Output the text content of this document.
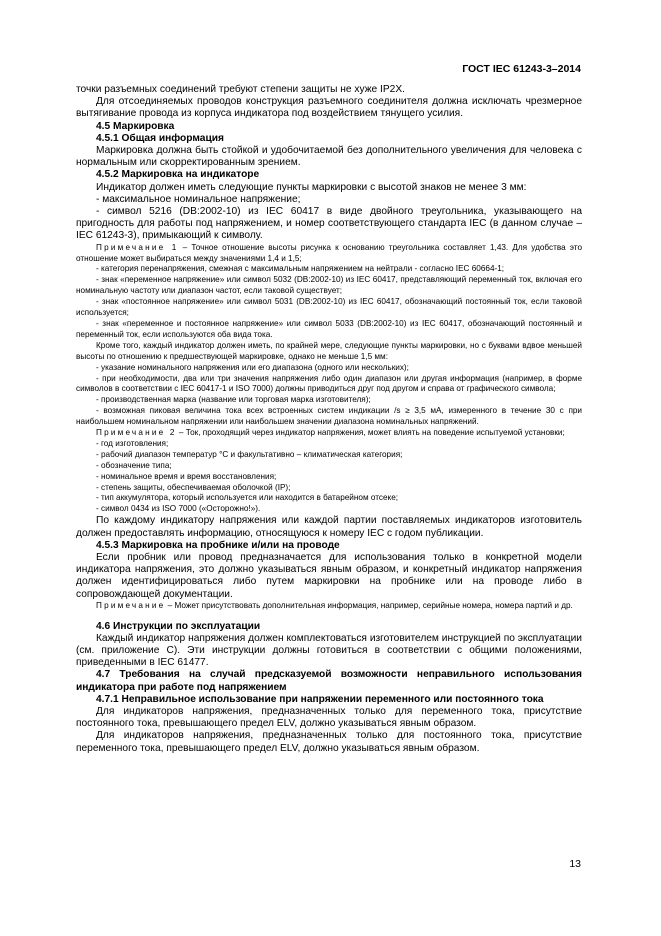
ГОСТ IEC 61243-3–2014

точки разъемных соединений требуют степени защиты не хуже IP2X.

Для отсоединяемых проводов конструкция разъемного соединителя должна исключать чрезмерное вытягивание провода из корпуса индикатора под воздействием тянущего усилия.

4.5 Маркировка

4.5.1 Общая информация

Маркировка должна быть стойкой и удобочитаемой без дополнительного увеличения для человека с нормальным или скорректированным зрением.

4.5.2 Маркировка на индикаторе

Индикатор должен иметь следующие пункты маркировки с высотой знаков не менее 3 мм:

- максимальное номинальное напряжение;

- символ 5216 (DB:2002-10) из IEC 60417 в виде двойного треугольника, указывающего на пригодность для работы под напряжением, и номер соответствующего стандарта IEC (в данном случае – IEC 61243-3), примыкающий к символу.

Примечание 1 – Точное отношение высоты рисунка к основанию треугольника составляет 1,43. Для удобства это отношение может выбираться между значениями 1,4 и 1,5;

- категория перенапряжения, смежная с максимальным напряжением на нейтрали - согласно IEC 60664-1;

- знак «переменное напряжение» или символ 5032 (DB:2002-10) из IEC 60417, представляющий переменный ток, включая его номинальную частоту или диапазон частот, если таковой существует;

- знак «постоянное напряжение» или символ 5031 (DB:2002-10) из IEC 60417, обозначающий постоянный ток, если таковой используется;

- знак «переменное и постоянное напряжение» или символ 5033 (DB:2002-10) из IEC 60417, обозначающий постоянный и переменный ток, если используются оба вида тока.

Кроме того, каждый индикатор должен иметь, по крайней мере, следующие пункты маркировки, но с буквами вдвое меньшей высоты по отношению к предшествующей маркировке, однако не меньше 1,5 мм:

- указание номинального напряжения или его диапазона (одного или нескольких);

- при необходимости, два или три значения напряжения либо один диапазон или другая информация (например, в форме символов в соответствии с IEC 60417-1 и ISO 7000) должны приводиться друг под другом и справа от графического символа;

- производственная марка (название или торговая марка изготовителя);

- возможная пиковая величина тока всех встроенных систем индикации /s ≥ 3,5 мА, измеренного в течение 30 с при наибольшем номинальном напряжении или наибольшем значении диапазона номинальных напряжений.

Примечание 2 – Ток, проходящий через индикатор напряжения, может влиять на поведение испытуемой установки;

- год изготовления;

- рабочий диапазон температур °С и факультативно – климатическая категория;

- обозначение типа;

- номинальное время и время восстановления;

- степень защиты, обеспечиваемая оболочкой (IP);

- тип аккумулятора, который используется или находится в батарейном отсеке;

- символ 0434 из ISO 7000 («Осторожно!»).

По каждому индикатору напряжения или каждой партии поставляемых индикаторов изготовитель должен предоставлять информацию, относящуюся к номеру IEC с годом публикации.

4.5.3 Маркировка на пробнике и/или на проводе

Если пробник или провод предназначается для использования только в конкретной модели индикатора напряжения, это должно указываться явным образом, и конкретный индикатор напряжения должен идентифицироваться либо путем маркировки на пробнике или на проводе либо в сопровождающей документации.

Примечание – Может присутствовать дополнительная информация, например, серийные номера, номера партий и др.

4.6 Инструкции по эксплуатации

Каждый индикатор напряжения должен комплектоваться изготовителем инструкцией по эксплуатации (см. приложение С). Эти инструкции должны готовиться в соответствии с общими положениями, приведенными в IEC 61477.

4.7 Требования на случай предсказуемой возможности неправильного использования индикатора при работе под напряжением

4.7.1 Неправильное использование при напряжении переменного или постоянного тока

Для индикаторов напряжения, предназначенных только для переменного тока, присутствие постоянного тока, превышающего предел ELV, должно указываться явным образом.

Для индикаторов напряжения, предназначенных только для постоянного тока, присутствие переменного тока, превышающего предел ELV, должно указываться явным образом.

13
